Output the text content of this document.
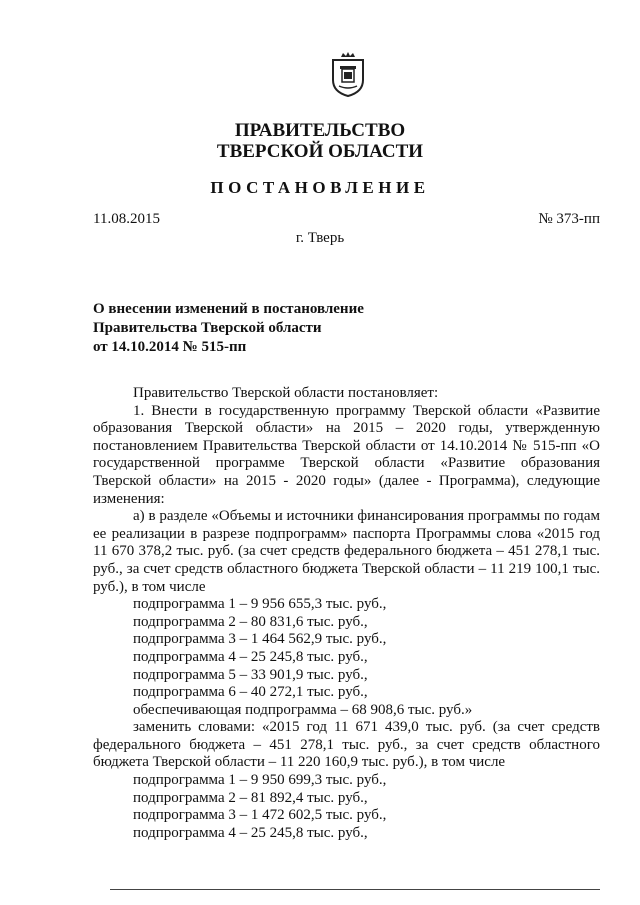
ПРАВИТЕЛЬСТВО
ТВЕРСКОЙ ОБЛАСТИ
ПОСТАНОВЛЕНИЕ
11.08.2015	№ 373-пп
г. Тверь
О внесении изменений в постановление
Правительства Тверской области
от 14.10.2014 № 515-пп

Правительство Тверской области постановляет:

1. Внести в государственную программу Тверской области «Развитие образования Тверской области» на 2015 – 2020 годы, утвержденную постановлением Правительства Тверской области от 14.10.2014 № 515-пп «О государственной программе Тверской области «Развитие образования Тверской области» на 2015 - 2020 годы» (далее - Программа), следующие изменения:

а) в разделе «Объемы и источники финансирования программы по годам ее реализации в разрезе подпрограмм» паспорта Программы слова «2015 год 11 670 378,2 тыс. руб. (за счет средств федерального бюджета – 451 278,1 тыс. руб., за счет средств областного бюджета Тверской области – 11 219 100,1 тыс. руб.), в том числе

подпрограмма 1 – 9 956 655,3 тыс. руб.,
подпрограмма 2 – 80 831,6 тыс. руб.,
подпрограмма 3 – 1 464 562,9 тыс. руб.,
подпрограмма 4 – 25 245,8 тыс. руб.,
подпрограмма 5 – 33 901,9 тыс. руб.,
подпрограмма 6 – 40 272,1 тыс. руб.,
обеспечивающая подпрограмма – 68 908,6 тыс. руб.»

заменить словами: «2015 год 11 671 439,0 тыс. руб. (за счет средств федерального бюджета – 451 278,1 тыс. руб., за счет средств областного бюджета Тверской области – 11 220 160,9 тыс. руб.), в том числе

подпрограмма 1 – 9 950 699,3 тыс. руб.,
подпрограмма 2 – 81 892,4 тыс. руб.,
подпрограмма 3 – 1 472 602,5 тыс. руб.,
подпрограмма 4 – 25 245,8 тыс. руб.,
